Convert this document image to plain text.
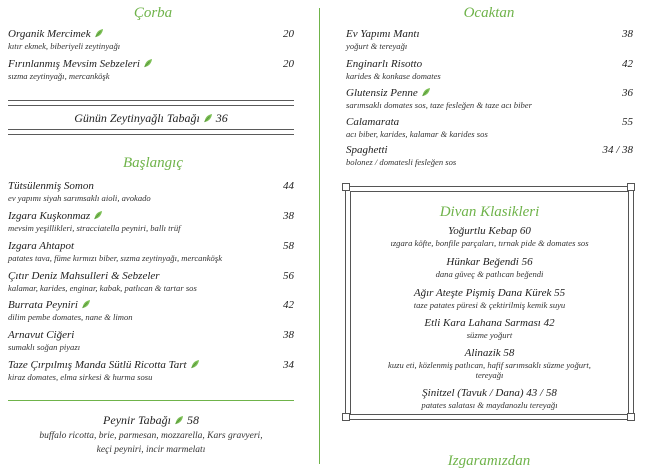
Çorba
Organik Mercimek
kıtır ekmek, biberiyeli zeytinyağı
20
Fırınlanmış Mevsim Sebzeleri
sızma zeytinyağı, mercanköşk
20
Günün Zeytinyağlı Tabağı 36
Başlangıç
Tütsülenmiş Somon
ev yapımı siyah sarımsaklı aioli, avokado
44
Izgara Kuşkonmaz
mevsim yeşillikleri, stracciatella peyniri, ballı trüf
38
Izgara Ahtapot
patates tava, füme kırmızı biber, sızma zeytinyağı, mercanköşk
58
Çıtır Deniz Mahsulleri & Sebzeler
kalamar, karides, enginar, kabak, patlıcan & tartar sos
56
Burrata Peyniri
dilim pembe domates, nane & limon
42
Arnavut Ciğeri
sumaklı soğan piyazı
38
Taze Çırpılmış Manda Sütlü Ricotta Tart
kiraz domates, elma sirkesi & hurma sosu
34
Peynir Tabağı 58
buffalo ricotta, brie, parmesan, mozzarella, Kars gravyeri,
keçi peyniri, incir marmelatı
Ocaktan
Ev Yapımı Mantı
yoğurt & tereyağı
38
Enginarlı Risotto
karides & konkase domates
42
Glutensiz Penne
sarımsaklı domates sos, taze fesleğen & taze acı biber
36
Calamarata
acı biber, karides, kalamar & karides sos
55
Spaghetti
bolonez / domatesli fesleğen sos
34 / 38
Divan Klasikleri
Yoğurtlu Kebap 60
ızgara köfte, bonfile parçaları, tırnak pide & domates sos
Hünkar Beğendi 56
dana güveç & patlıcan beğendi
Ağır Ateşte Pişmiş Dana Kürek 55
taze patates püresi & çektirilmiş kemik suyu
Etli Kara Lahana Sarması 42
süzme yoğurt
Alinazik 58
kuzu eti, közlenmiş patlıcan, hafif sarımsaklı süzme yoğurt,
tereyağı
Şinitzel (Tavuk / Dana) 43 / 58
patates salatası & maydanozlu tereyağı
Izgaramızdan
